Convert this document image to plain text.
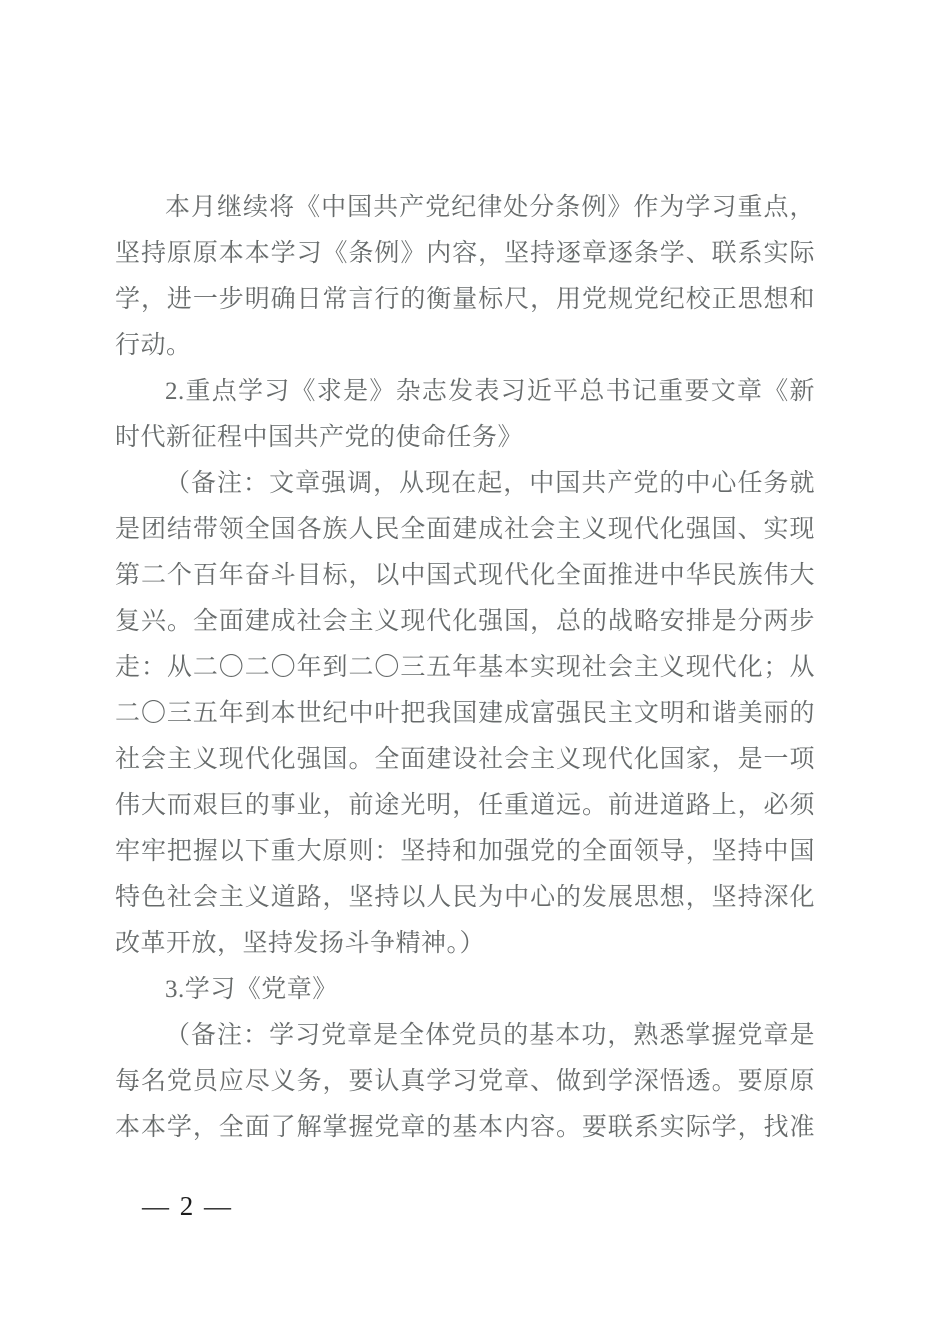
本月继续将《中国共产党纪律处分条例》作为学习重点，
坚持原原本本学习《条例》内容，坚持逐章逐条学、联系实际
学，进一步明确日常言行的衡量标尺，用党规党纪校正思想和
行动。
2.重点学习《求是》杂志发表习近平总书记重要文章《新
时代新征程中国共产党的使命任务》
（备注：文章强调，从现在起，中国共产党的中心任务就
是团结带领全国各族人民全面建成社会主义现代化强国、实现
第二个百年奋斗目标，以中国式现代化全面推进中华民族伟大
复兴。全面建成社会主义现代化强国，总的战略安排是分两步
走：从二〇二〇年到二〇三五年基本实现社会主义现代化；从
二〇三五年到本世纪中叶把我国建成富强民主文明和谐美丽的
社会主义现代化强国。全面建设社会主义现代化国家，是一项
伟大而艰巨的事业，前途光明，任重道远。前进道路上，必须
牢牢把握以下重大原则：坚持和加强党的全面领导，坚持中国
特色社会主义道路，坚持以人民为中心的发展思想，坚持深化
改革开放，坚持发扬斗争精神。）
3.学习《党章》
（备注：学习党章是全体党员的基本功，熟悉掌握党章是
每名党员应尽义务，要认真学习党章、做到学深悟透。要原原
本本学，全面了解掌握党章的基本内容。要联系实际学，找准
— 2 —
